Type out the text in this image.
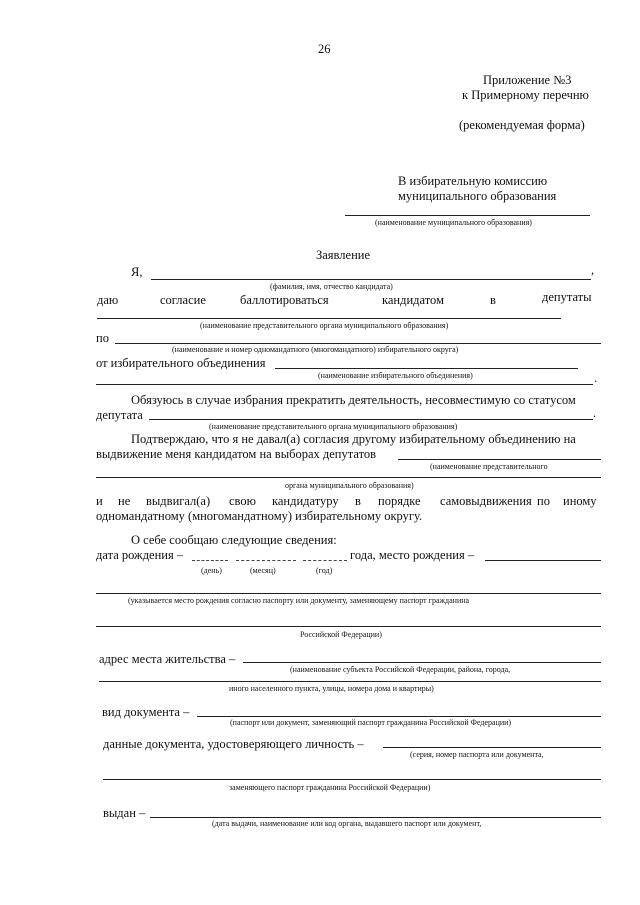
26
Приложение №3
к Примерному перечню
(рекомендуемая форма)
В избирательную комиссию
муниципального образования
(наименование муниципального образования)
Заявление
Я,	,
(фамилия, имя, отчество кандидата)
даю	согласие	баллотироваться	кандидатом	в	депутаты
(наименование представительного органа муниципального образования)
по
(наименование и номер одномандатного (многомандатного) избирательного округа)
от избирательного объединения
(наименование избирательного объединения)	.
Обязуюсь в случае избрания прекратить деятельность, несовместимую со статусом
депутата	.
(наименование представительного органа муниципального образования)
Подтверждаю, что я не давал(а) согласия другому избирательному объединению на
выдвижение меня кандидатом на выборах депутатов
(наименование представительного
органа муниципального образования)
и не выдвигал(а) свою кандидатуру в порядке самовыдвижения по иному
одномандатному (многомандатному) избирательному округу.
О себе сообщаю следующие сведения:
дата рождения –	года, место рождения –
(день)	(месяц)	(год)
(указывается место рождения согласно паспорту или документу, заменяющему паспорт гражданина
Российской Федерации)
адрес места жительства –
(наименование субъекта Российской Федерации, района, города,
иного населенного пункта, улицы, номера дома и квартиры)
вид документа –
(паспорт или документ, заменяющий паспорт гражданина Российской Федерации)
данные документа, удостоверяющего личность –
(серия, номер паспорта или документа,
заменяющего паспорт гражданина Российской Федерации)
выдан –
(дата выдачи, наименование или код органа, выдавшего паспорт или документ,
